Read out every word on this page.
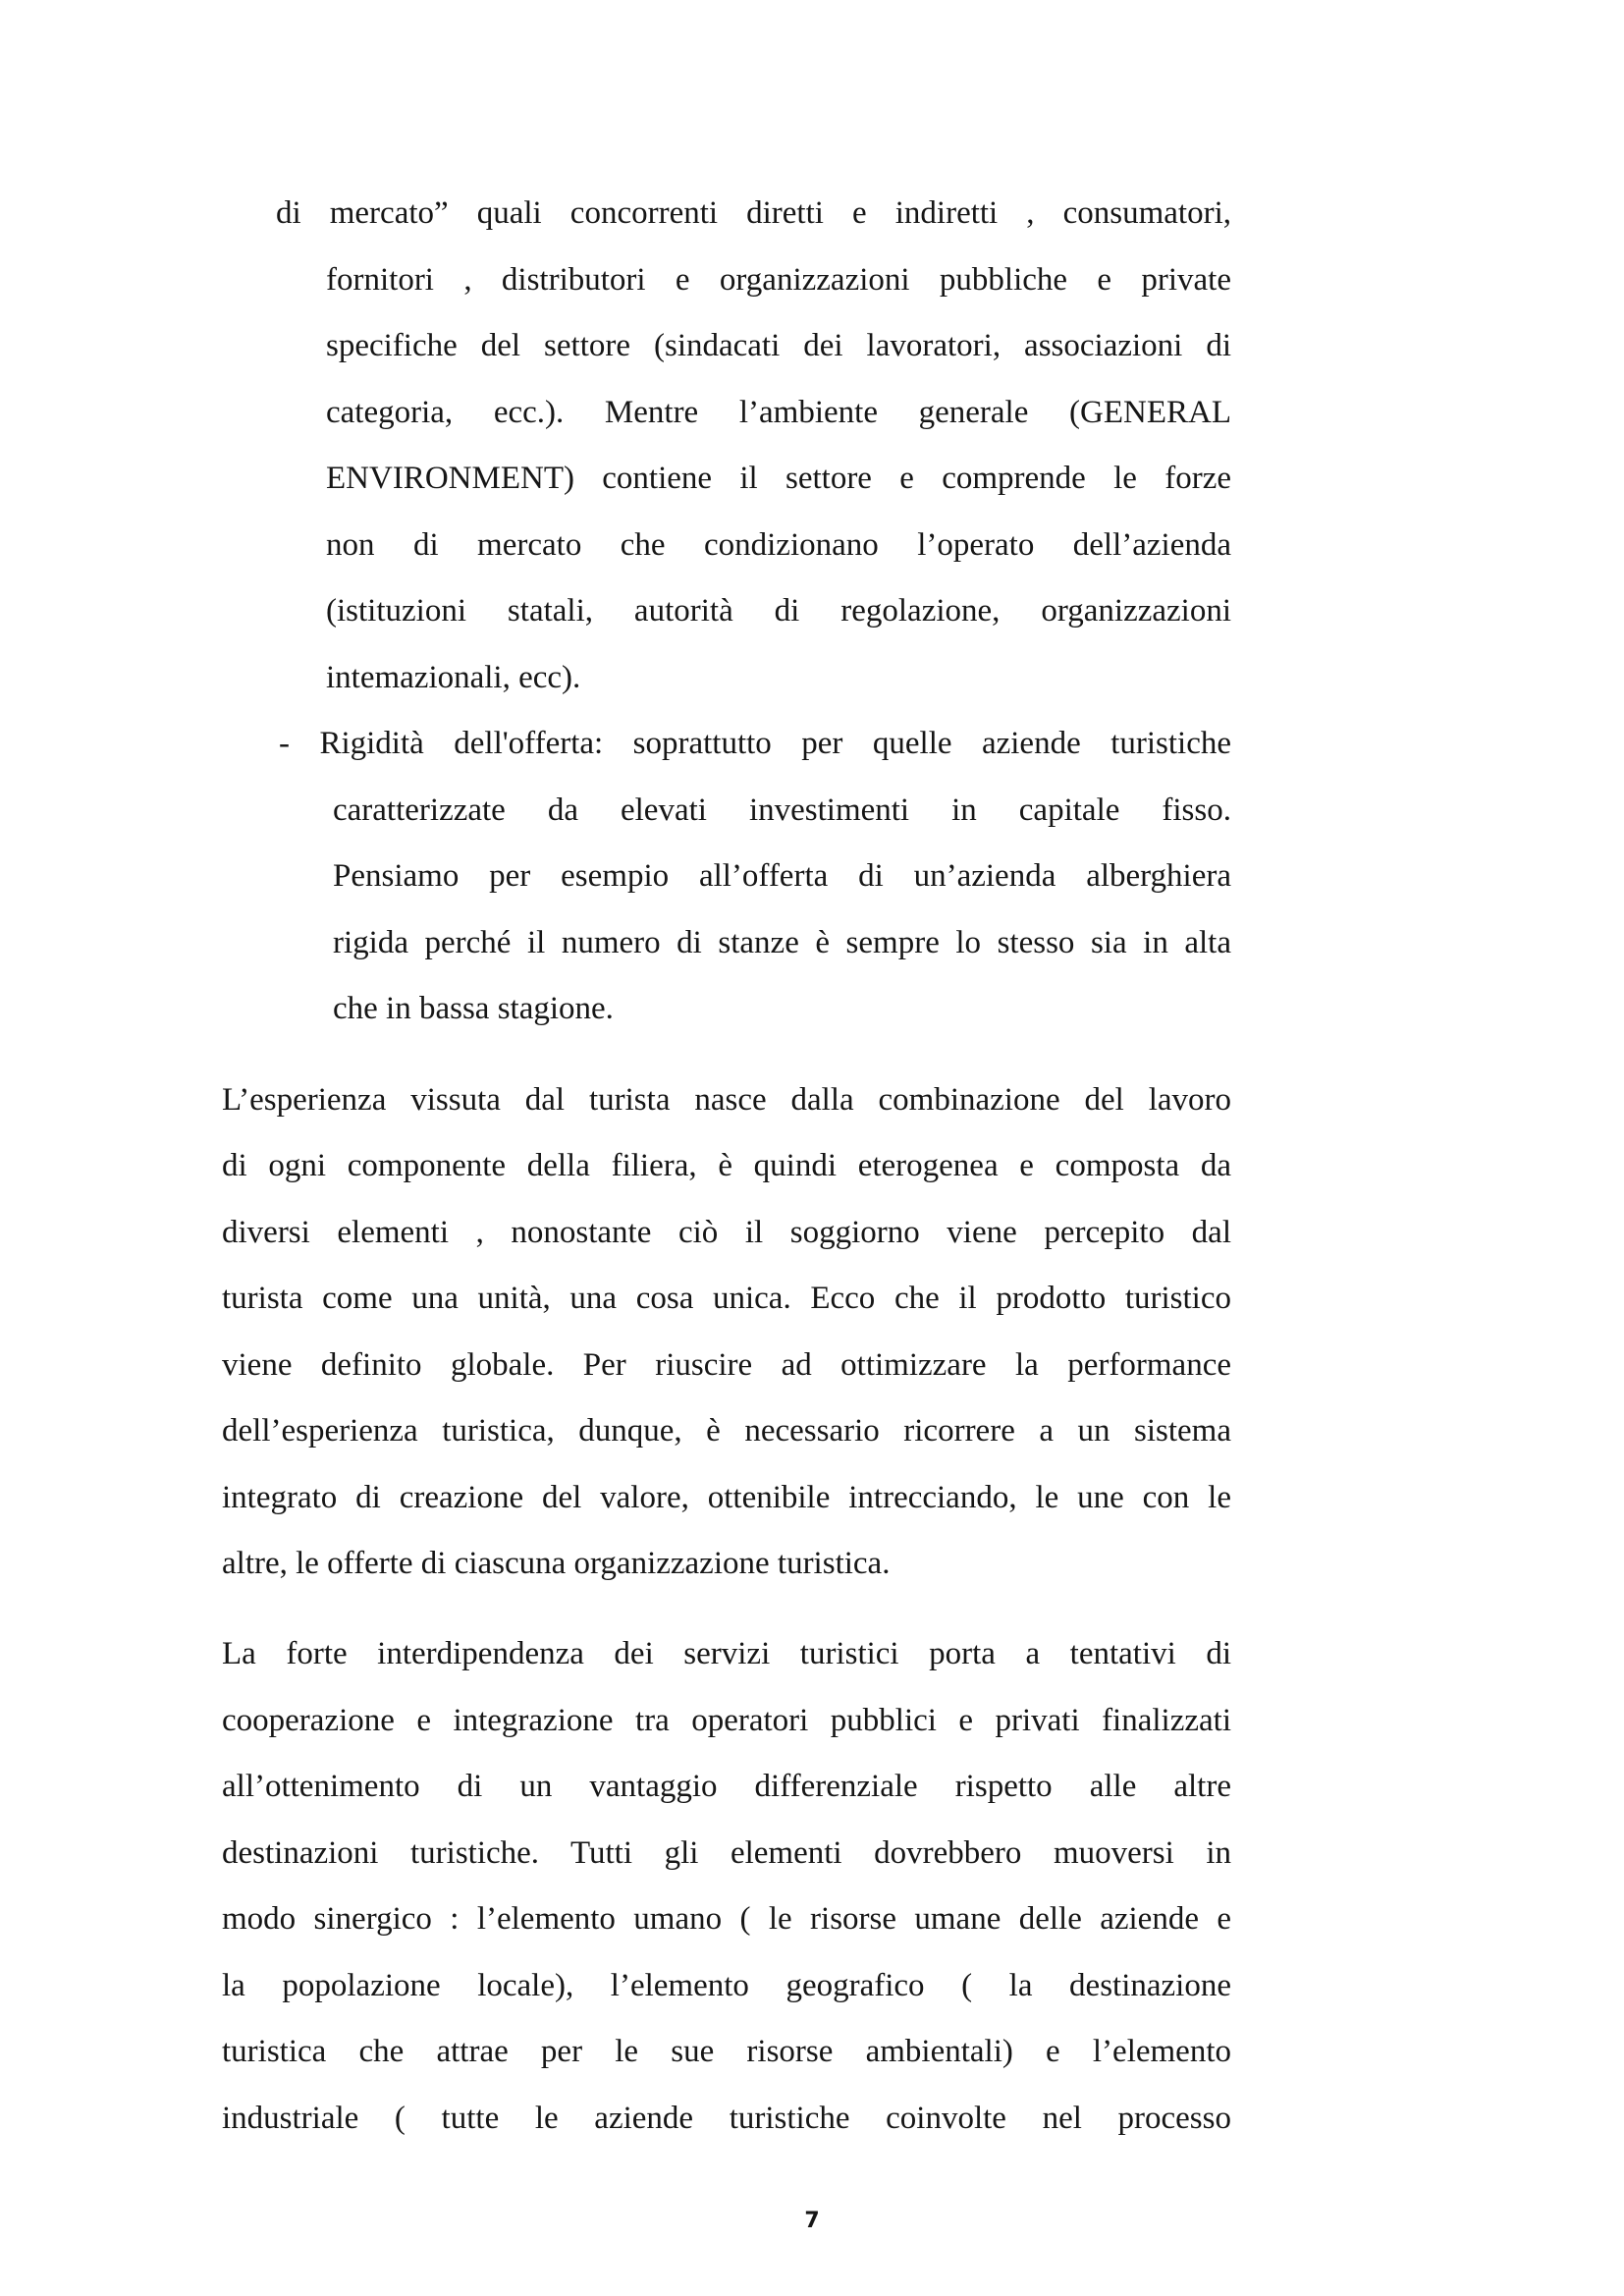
di mercato” quali concorrenti diretti e indiretti , consumatori,
fornitori , distributori e organizzazioni pubbliche e private
specifiche del settore (sindacati dei lavoratori, associazioni di
categoria, ecc.). Mentre l’ambiente generale (GENERAL
ENVIRONMENT) contiene il settore e comprende le forze
non di mercato che condizionano l’operato dell’azienda
(istituzioni statali, autorità di regolazione, organizzazioni
intemazionali, ecc).
- Rigidità dell'offerta: soprattutto per quelle aziende turistiche
caratterizzate da elevati investimenti in capitale fisso.
Pensiamo per esempio all’offerta di un’azienda alberghiera
rigida perché il numero di stanze è sempre lo stesso sia in alta
che in bassa stagione.
L’esperienza vissuta dal turista nasce dalla combinazione del lavoro
di ogni componente della filiera, è quindi eterogenea e composta da
diversi elementi , nonostante ciò il soggiorno viene percepito dal
turista come una unità, una cosa unica. Ecco che il prodotto turistico
viene definito globale. Per riuscire ad ottimizzare la performance
dell’esperienza turistica, dunque, è necessario ricorrere a un sistema
integrato di creazione del valore, ottenibile intrecciando, le une con le
altre, le offerte di ciascuna organizzazione turistica.
La forte interdipendenza dei servizi turistici porta a tentativi di
cooperazione e integrazione tra operatori pubblici e privati finalizzati
all’ottenimento di un vantaggio differenziale rispetto alle altre
destinazioni turistiche. Tutti gli elementi dovrebbero muoversi in
modo sinergico : l’elemento umano ( le risorse umane delle aziende e
la popolazione locale), l’elemento geografico ( la destinazione
turistica che attrae per le sue risorse ambientali) e l’elemento
industriale ( tutte le aziende turistiche coinvolte nel processo
7
